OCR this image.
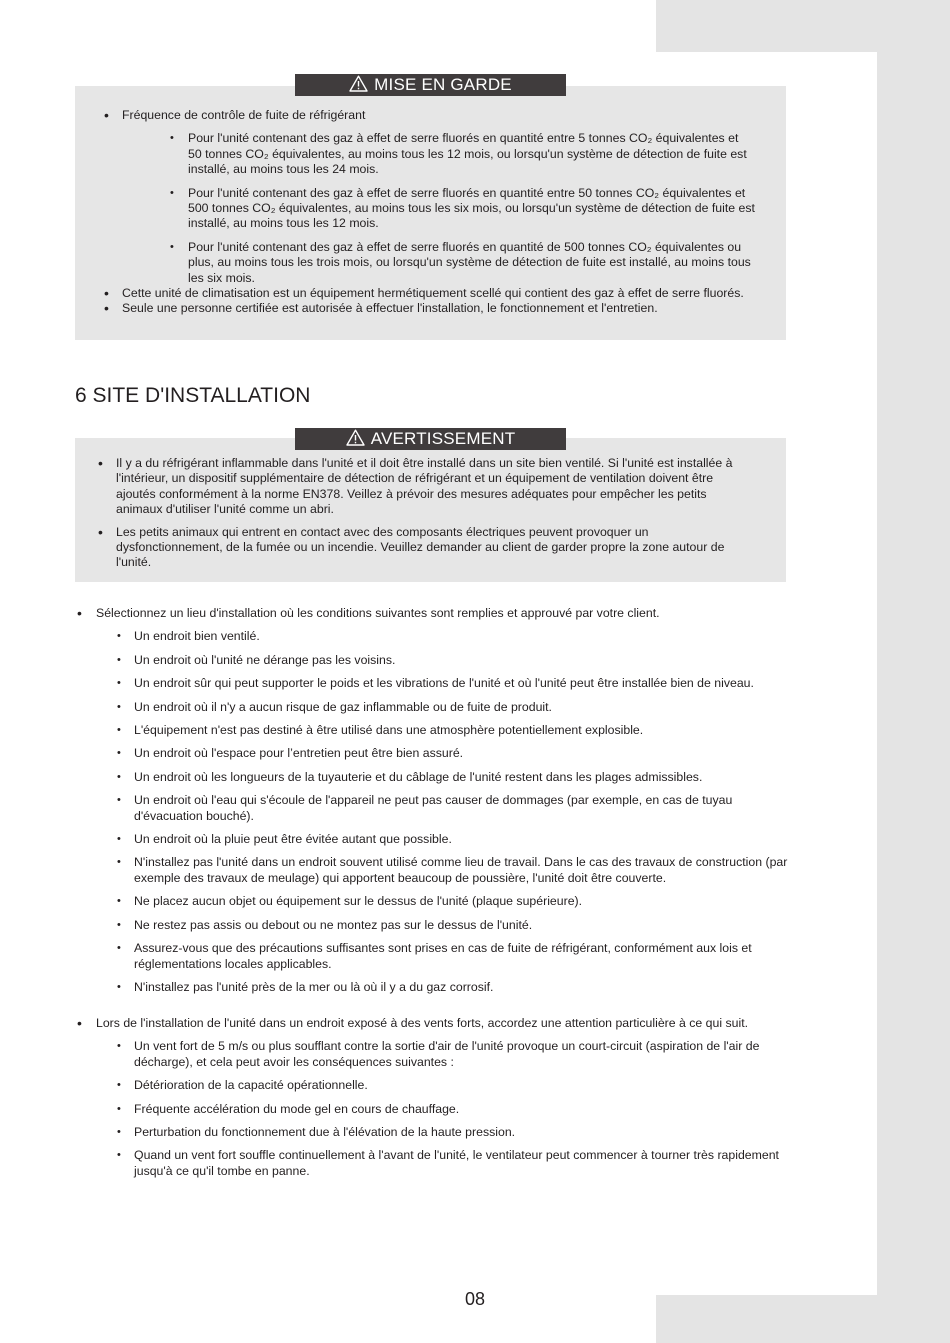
• Fréquence de contrôle de fuite de réfrigérant
• Pour l'unité contenant des gaz à effet de serre fluorés en quantité entre 5 tonnes CO₂ équivalentes et 50 tonnes CO₂ équivalentes, au moins tous les 12 mois, ou lorsqu'un système de détection de fuite est installé, au moins tous les 24 mois.
• Pour l'unité contenant des gaz à effet de serre fluorés en quantité entre 50 tonnes CO₂ équivalentes et 500 tonnes CO₂ équivalentes, au moins tous les six mois, ou lorsqu'un système de détection de fuite est installé, au moins tous les 12 mois.
• Pour l'unité contenant des gaz à effet de serre fluorés en quantité de 500 tonnes CO₂ équivalentes ou plus, au moins tous les trois mois, ou lorsqu'un système de détection de fuite est installé, au moins tous les six mois.
• Cette unité de climatisation est un équipement hermétiquement scellé qui contient des gaz à effet de serre fluorés.
• Seule une personne certifiée est autorisée à effectuer l'installation, le fonctionnement et l'entretien.
MISE EN GARDE
6 SITE D'INSTALLATION
• Il y a du réfrigérant inflammable dans l'unité et il doit être installé dans un site bien ventilé. Si l'unité est installée à l'intérieur, un dispositif supplémentaire de détection de réfrigérant et un équipement de ventilation doivent être ajoutés conformément à la norme EN378. Veillez à prévoir des mesures adéquates pour empêcher les petits animaux d'utiliser l'unité comme un abri.
• Les petits animaux qui entrent en contact avec des composants électriques peuvent provoquer un dysfonctionnement, de la fumée ou un incendie. Veuillez demander au client de garder propre la zone autour de l'unité.
AVERTISSEMENT
• Sélectionnez un lieu d'installation où les conditions suivantes sont remplies et approuvé par votre client.
• Un endroit bien ventilé.
• Un endroit où l'unité ne dérange pas les voisins.
• Un endroit sûr qui peut supporter le poids et les vibrations de l'unité et où l'unité peut être installée bien de niveau.
• Un endroit où il n'y a aucun risque de gaz inflammable ou de fuite de produit.
• L'équipement n'est pas destiné à être utilisé dans une atmosphère potentiellement explosible.
• Un endroit où l'espace pour l’entretien peut être bien assuré.
• Un endroit où les longueurs de la tuyauterie et du câblage de l'unité restent dans les plages admissibles.
• Un endroit où l'eau qui s'écoule de l'appareil ne peut pas causer de dommages (par exemple, en cas de tuyau d'évacuation bouché).
• Un endroit où la pluie peut être évitée autant que possible.
• N'installez pas l'unité dans un endroit souvent utilisé comme lieu de travail. Dans le cas des travaux de construction (par exemple des travaux de meulage) qui apportent beaucoup de poussière, l'unité doit être couverte.
• Ne placez aucun objet ou équipement sur le dessus de l'unité (plaque supérieure).
• Ne restez pas assis ou debout ou ne montez pas sur le dessus de l'unité.
• Assurez-vous que des précautions suffisantes sont prises en cas de fuite de réfrigérant, conformément aux lois et réglementations locales applicables.
• N'installez pas l'unité près de la mer ou là où il y a du gaz corrosif.
• Lors de l'installation de l'unité dans un endroit exposé à des vents forts, accordez une attention particulière à ce qui suit.
• Un vent fort de 5 m/s ou plus soufflant contre la sortie d'air de l'unité provoque un court-circuit (aspiration de l'air de décharge), et cela peut avoir les conséquences suivantes :
• Détérioration de la capacité opérationnelle.
• Fréquente accélération du mode gel en cours de chauffage.
• Perturbation du fonctionnement due à l'élévation de la haute pression.
• Quand un vent fort souffle continuellement à l'avant de l'unité, le ventilateur peut commencer à tourner très rapidement jusqu'à ce qu'il tombe en panne.
08
